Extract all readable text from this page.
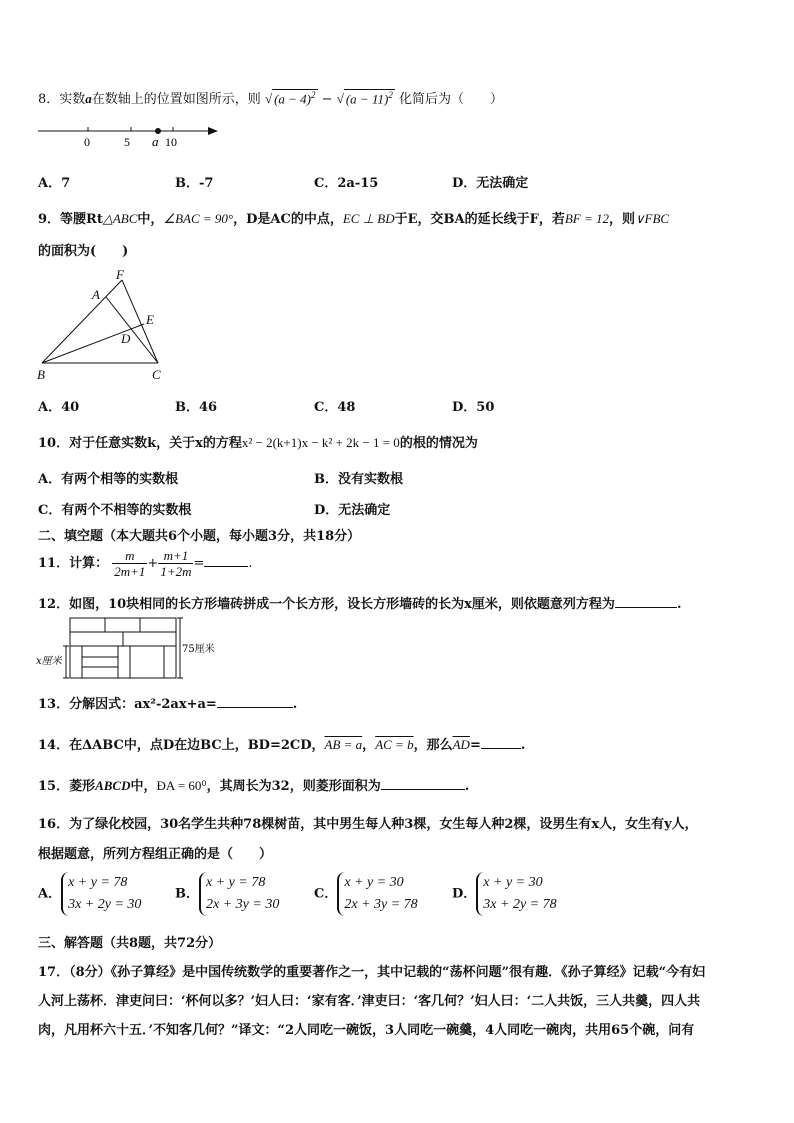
8．实数a在数轴上的位置如图所示，则 √ $(a - 4)^2$ − √ $(a - 11)^2$ 化简后为（　　）
0	5 a 10
A．7	B．-7	C．2a-15	D．无法确定
9．等腰Rt△ABC中，∠BAC = 90°，D是AC的中点，EC ⊥ BD于E，交BA的延长线于F，若BF = 12，则∨FBC
的面积为(　　)
F
A
E
D
B	C
A．40	B．46	C．48	D．50
10．对于任意实数k，关于x的方程x² − 2(k+1)x − k² + 2k − 1 = 0的根的情况为
A．有两个相等的实数根	B．没有实数根
C．有两个不相等的实数根	D．无法确定
二、填空题（本大题共6个小题，每小题3分，共18分）
11．计算： $\frac{m}{2m+1} + \frac{m+1}{1+2m}$ =	.
12．如图，10块相同的长方形墙砖拼成一个长方形，设长方形墙砖的长为x厘米，则依题意列方程为	.
x厘米
75厘米
13．分解因式：ax²-2ax+a=	.
14．在ΔABC中，点D在边BC上，BD=2CD，AB = a，AC = b，那么$\overline{AD}=$	.
15．菱形ABCD中，ÐA = 60⁰，其周长为32，则菱形面积为	.
16．为了绿化校园，30名学生共种78棵树苗，其中男生每人种3棵，女生每人种2棵，设男生有x人，女生有y人，
根据题意，所列方程组正确的是（　　）
A．
x + y = 78
3x + 2y = 30
B．
x + y = 78
2x + 3y = 30
C．
x + y = 30
2x + 3y = 78
D．
x + y = 30
3x + 2y = 78
三、解答题（共8题，共72分）
17．（8分）《孙子算经》是中国传统数学的重要著作之一，其中记载的“荡杯问题”很有趣．《孙子算经》记载“今有妇
人河上荡杯．津吏问曰：‘杯何以多？’妇人曰：‘家有客．’津吏曰：‘客几何？’妇人曰：‘二人共饭，三人共羹，四人共
肉，凡用杯六十五．’不知客几何？”译文：“2人同吃一碗饭，3人同吃一碗羹，4人同吃一碗肉，共用65个碗，问有
